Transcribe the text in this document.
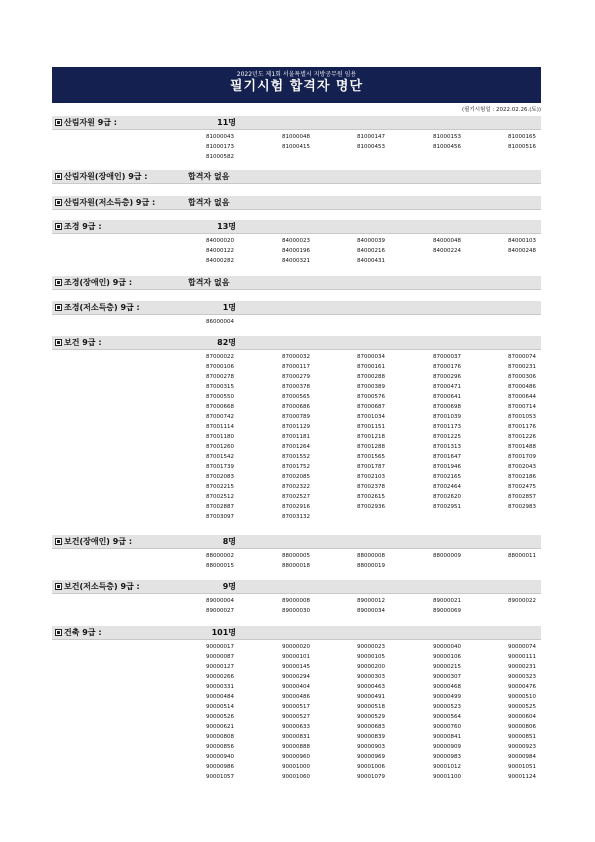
2022년도 제1회 서울특별시 지방공무원 임용
필기시험 합격자 명단
(필기시험일 : 2022.02.26.(토))
산림자원 9급 :	11명
81000043	81000048	81000147	81000153	81000165
81000173	81000415	81000453	81000456	81000516
81000582
산림자원(장애인) 9급 :	합격자 없음
산림자원(저소득층) 9급 :	합격자 없음
조경 9급 :	13명
84000020	84000023	84000039	84000048	84000103
84000122	84000196	84000216	84000224	84000248
84000282	84000321	84000431
조경(장애인) 9급 :	합격자 없음
조경(저소득층) 9급 :	1명
86000004
보건 9급 :	82명
87000022	87000032	87000034	87000037	87000074
87000106	87000117	87000161	87000176	87000231
87000278	87000279	87000288	87000296	87000306
87000315	87000378	87000389	87000471	87000486
87000550	87000565	87000576	87000641	87000644
87000668	87000686	87000687	87000698	87000714
87000742	87000789	87001034	87001039	87001053
87001114	87001129	87001151	87001173	87001176
87001180	87001181	87001218	87001225	87001226
87001260	87001264	87001288	87001313	87001488
87001542	87001552	87001565	87001647	87001709
87001739	87001752	87001787	87001946	87002043
87002083	87002085	87002103	87002165	87002186
87002215	87002322	87002378	87002464	87002475
87002512	87002527	87002615	87002620	87002857
87002887	87002916	87002936	87002951	87002983
87003097	87003132
보건(장애인) 9급 :	8명
88000002	88000005	88000008	88000009	88000011
88000015	88000018	88000019
보건(저소득층) 9급 :	9명
89000004	89000008	89000012	89000021	89000022
89000027	89000030	89000034	89000069
건축 9급 :	101명
90000017	90000020	90000023	90000040	90000074
90000087	90000101	90000105	90000106	90000111
90000127	90000145	90000200	90000215	90000231
90000266	90000294	90000303	90000307	90000323
90000331	90000404	90000463	90000468	90000476
90000484	90000486	90000491	90000499	90000510
90000514	90000517	90000518	90000523	90000525
90000526	90000527	90000529	90000564	90000604
90000621	90000633	90000683	90000760	90000806
90000808	90000831	90000839	90000841	90000851
90000856	90000888	90000903	90000909	90000923
90000940	90000960	90000969	90000983	90000984
90000986	90001000	90001006	90001012	90001051
90001057	90001060	90001079	90001100	90001124
